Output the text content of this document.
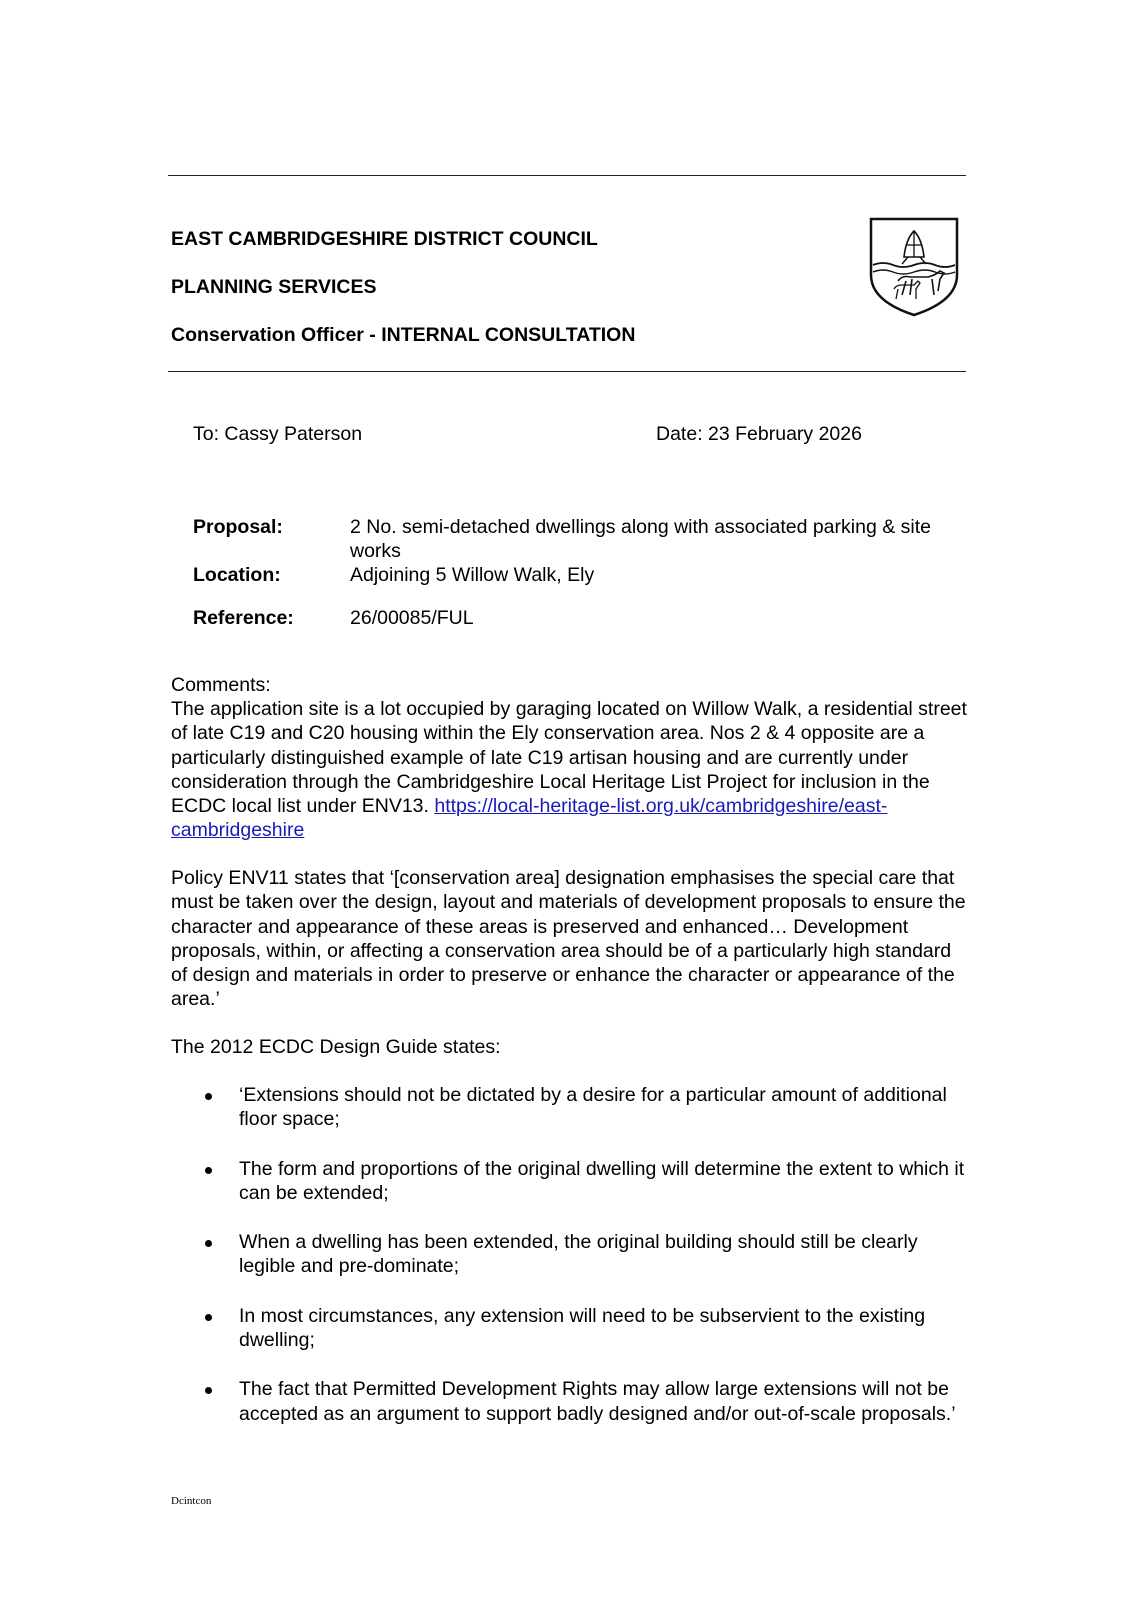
EAST CAMBRIDGESHIRE DISTRICT COUNCIL
PLANNING SERVICES
Conservation Officer - INTERNAL CONSULTATION
To: Cassy Paterson	Date: 23 February 2026
Proposal:	2 No. semi-detached dwellings along with associated parking & site works
Location:	Adjoining 5 Willow Walk, Ely
Reference:	26/00085/FUL
Comments:
The application site is a lot occupied by garaging located on Willow Walk, a residential street of late C19 and C20 housing within the Ely conservation area. Nos 2 & 4 opposite are a particularly distinguished example of late C19 artisan housing and are currently under consideration through the Cambridgeshire Local Heritage List Project for inclusion in the ECDC local list under ENV13. https://local-heritage-list.org.uk/cambridgeshire/east-cambridgeshire
Policy ENV11 states that ‘[conservation area] designation emphasises the special care that must be taken over the design, layout and materials of development proposals to ensure the character and appearance of these areas is preserved and enhanced… Development proposals, within, or affecting a conservation area should be of a particularly high standard of design and materials in order to preserve or enhance the character or appearance of the area.’
The 2012 ECDC Design Guide states:
‘Extensions should not be dictated by a desire for a particular amount of additional floor space;
The form and proportions of the original dwelling will determine the extent to which it can be extended;
When a dwelling has been extended, the original building should still be clearly legible and pre-dominate;
In most circumstances, any extension will need to be subservient to the existing dwelling;
The fact that Permitted Development Rights may allow large extensions will not be accepted as an argument to support badly designed and/or out-of-scale proposals.’
Dcintcon
